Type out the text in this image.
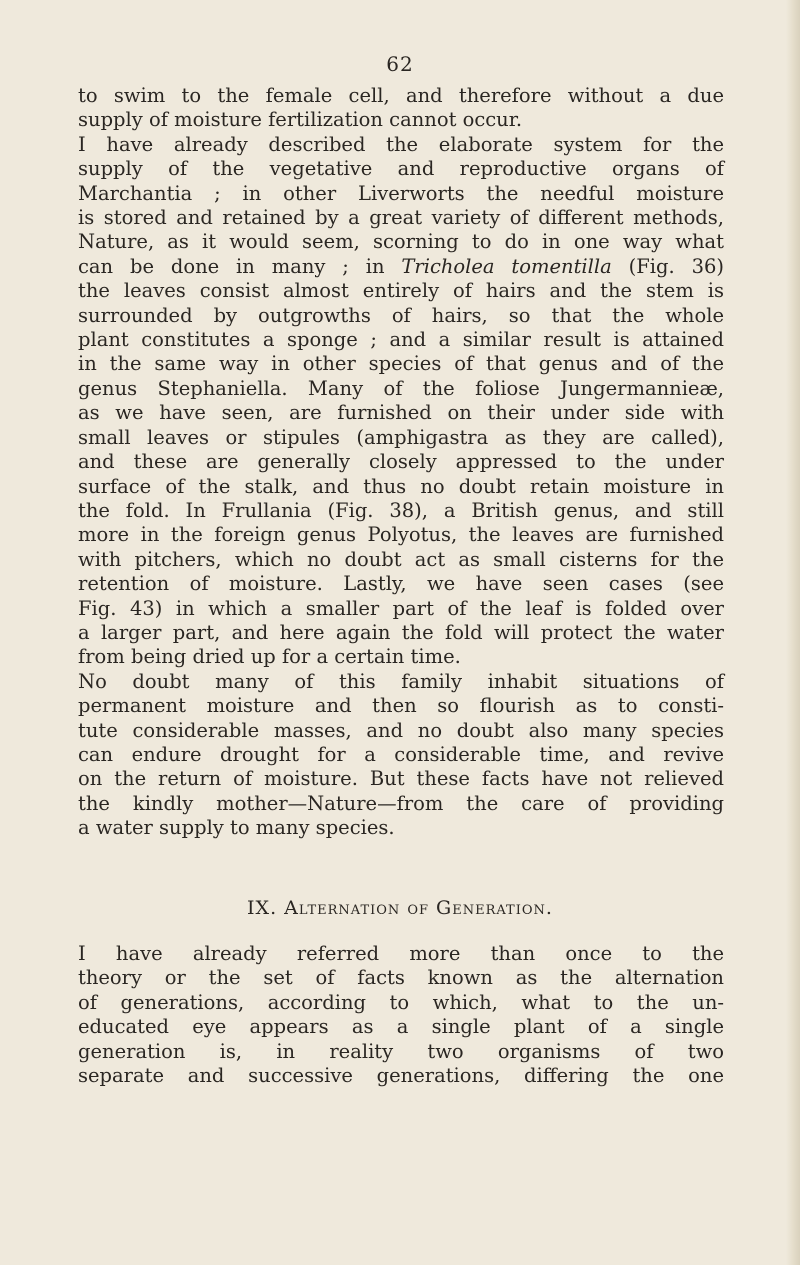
62
to swim to the female cell, and therefore without a due
supply of moisture fertilization cannot occur.
I have already described the elaborate system for the
supply of the vegetative and reproductive organs of
Marchantia ; in other Liverworts the needful moisture
is stored and retained by a great variety of different methods,
Nature, as it would seem, scorning to do in one way what
can be done in many ; in Tricholea tomentilla (Fig. 36)
the leaves consist almost entirely of hairs and the stem is
surrounded by outgrowths of hairs, so that the whole
plant constitutes a sponge ; and a similar result is attained
in the same way in other species of that genus and of the
genus Stephaniella. Many of the foliose Jungermannieæ,
as we have seen, are furnished on their under side with
small leaves or stipules (amphigastra as they are called),
and these are generally closely appressed to the under
surface of the stalk, and thus no doubt retain moisture in
the fold. In Frullania (Fig. 38), a British genus, and still
more in the foreign genus Polyotus, the leaves are furnished
with pitchers, which no doubt act as small cisterns for the
retention of moisture. Lastly, we have seen cases (see
Fig. 43) in which a smaller part of the leaf is folded over
a larger part, and here again the fold will protect the water
from being dried up for a certain time.
No doubt many of this family inhabit situations of
permanent moisture and then so flourish as to consti-
tute considerable masses, and no doubt also many species
can endure drought for a considerable time, and revive
on the return of moisture. But these facts have not relieved
the kindly mother—Nature—from the care of providing
a water supply to many species.
IX. Alternation of Generation.
I have already referred more than once to the
theory or the set of facts known as the alternation
of generations, according to which, what to the un-
educated eye appears as a single plant of a single
generation is, in reality two organisms of two
separate and successive generations, differing the one
